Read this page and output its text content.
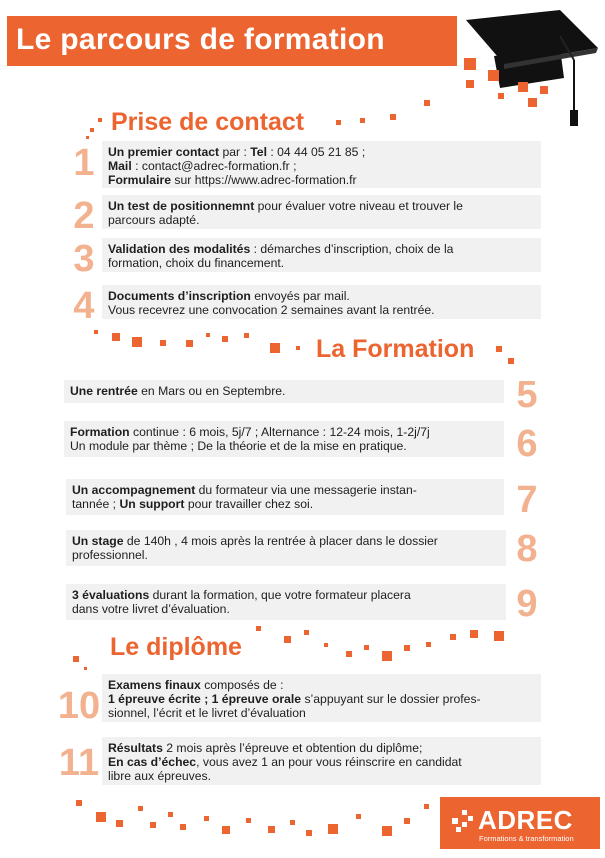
Le parcours de formation
Prise de contact
1	Un premier contact par : Tel : 04 44 05 21 85 ;
Mail : contact@adrec-formation.fr ;
Formulaire sur https://www.adrec-formation.fr
2	Un test de positionnemnt pour évaluer votre niveau et trouver le
parcours adapté.
3	Validation des modalités : démarches d’inscription, choix de la
formation, choix du financement.
4	Documents d’inscription envoyés par mail.
Vous recevrez une convocation 2 semaines avant la rentrée.
La Formation
Une rentrée en Mars ou en Septembre.	5
Formation continue : 6 mois, 5j/7 ; Alternance : 12-24 mois, 1-2j/7j
Un module par thème ; De la théorie et de la mise en pratique.	6
Un accompagnement du formateur via une messagerie instan-
tannée ; Un support pour travailler chez soi.	7
Un stage de 140h , 4 mois après la rentrée à placer dans le dossier
professionnel.	8
3 évaluations durant la formation, que votre formateur placera
dans votre livret d’évaluation.	9
Le diplôme
10 Examens finaux composés de :
1 épreuve écrite ; 1 épreuve orale s’appuyant sur le dossier profes-
sionnel, l’écrit et le livret d’évaluation
11 Résultats 2 mois après l’épreuve et obtention du diplôme;
En cas d’échec, vous avez 1 an pour vous réinscrire en candidat
libre aux épreuves.
ADREC
Formations & transformation
